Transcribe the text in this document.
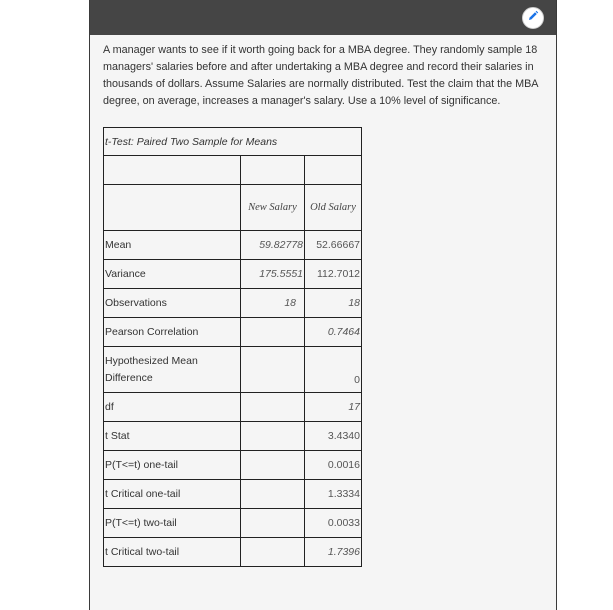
A manager wants to see if it worth going back for a MBA degree. They randomly sample 18 managers' salaries before and after undertaking a MBA degree and record their salaries in thousands of dollars. Assume Salaries are normally distributed. Test the claim that the MBA degree, on average, increases a manager's salary. Use a 10% level of significance.
t-Test: Paired Two Sample for Means		

	New Salary	Old Salary
Mean	59.82778	52.66667
Variance	175.5551	112.7012
Observations	18	18
Pearson Correlation		0.7464
Hypothesized Mean Difference		0
df		17
t Stat		3.4340
P(T<=t) one-tail		0.0016
t Critical one-tail		1.3334
P(T<=t) two-tail		0.0033
t Critical two-tail		1.7396
